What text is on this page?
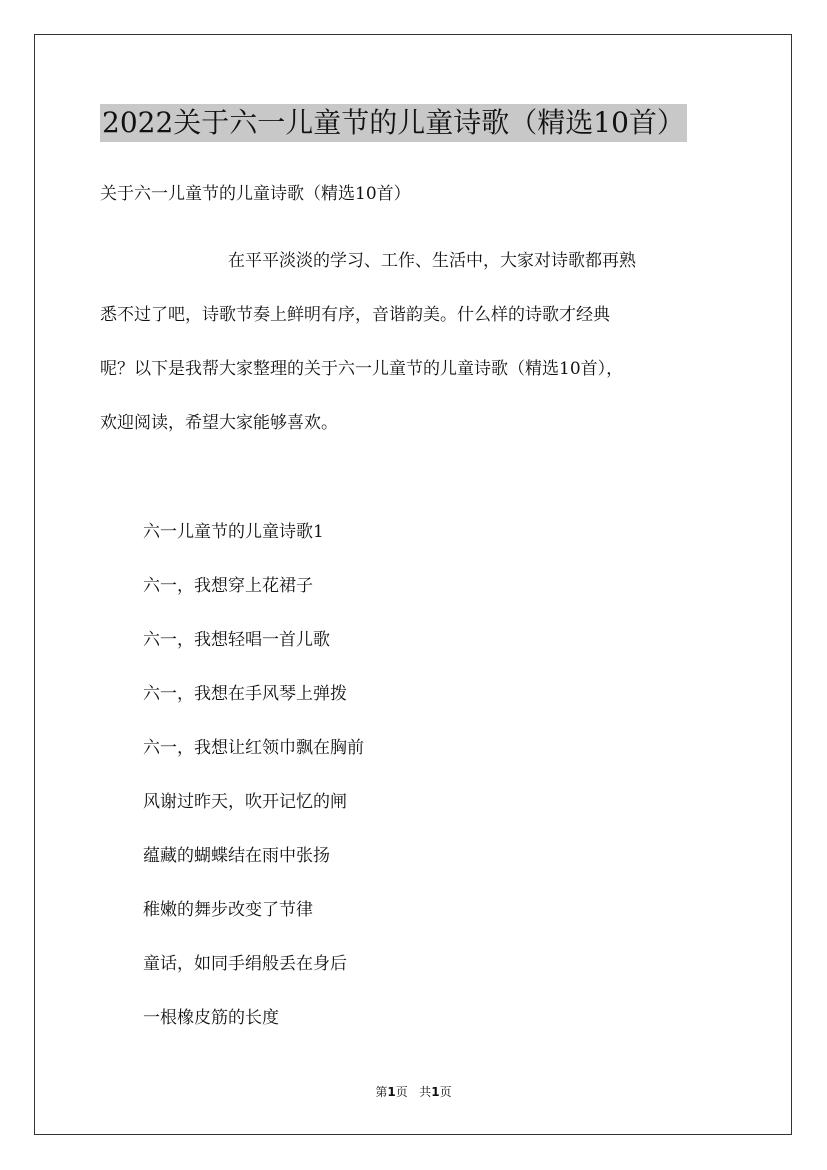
2022关于六一儿童节的儿童诗歌（精选10首）
关于六一儿童节的儿童诗歌（精选10首）

在平平淡淡的学习、工作、生活中，大家对诗歌都再熟

悉不过了吧，诗歌节奏上鲜明有序，音谐韵美。什么样的诗歌才经典

呢？以下是我帮大家整理的关于六一儿童节的儿童诗歌（精选10首），

欢迎阅读，希望大家能够喜欢。

六一儿童节的儿童诗歌1

六一，我想穿上花裙子

六一，我想轻唱一首儿歌

六一，我想在手风琴上弹拨

六一，我想让红领巾飘在胸前

风谢过昨天，吹开记忆的闸

蕴藏的蝴蝶结在雨中张扬

稚嫩的舞步改变了节律

童话，如同手绢般丢在身后

一根橡皮筋的长度

第1页 共1页
